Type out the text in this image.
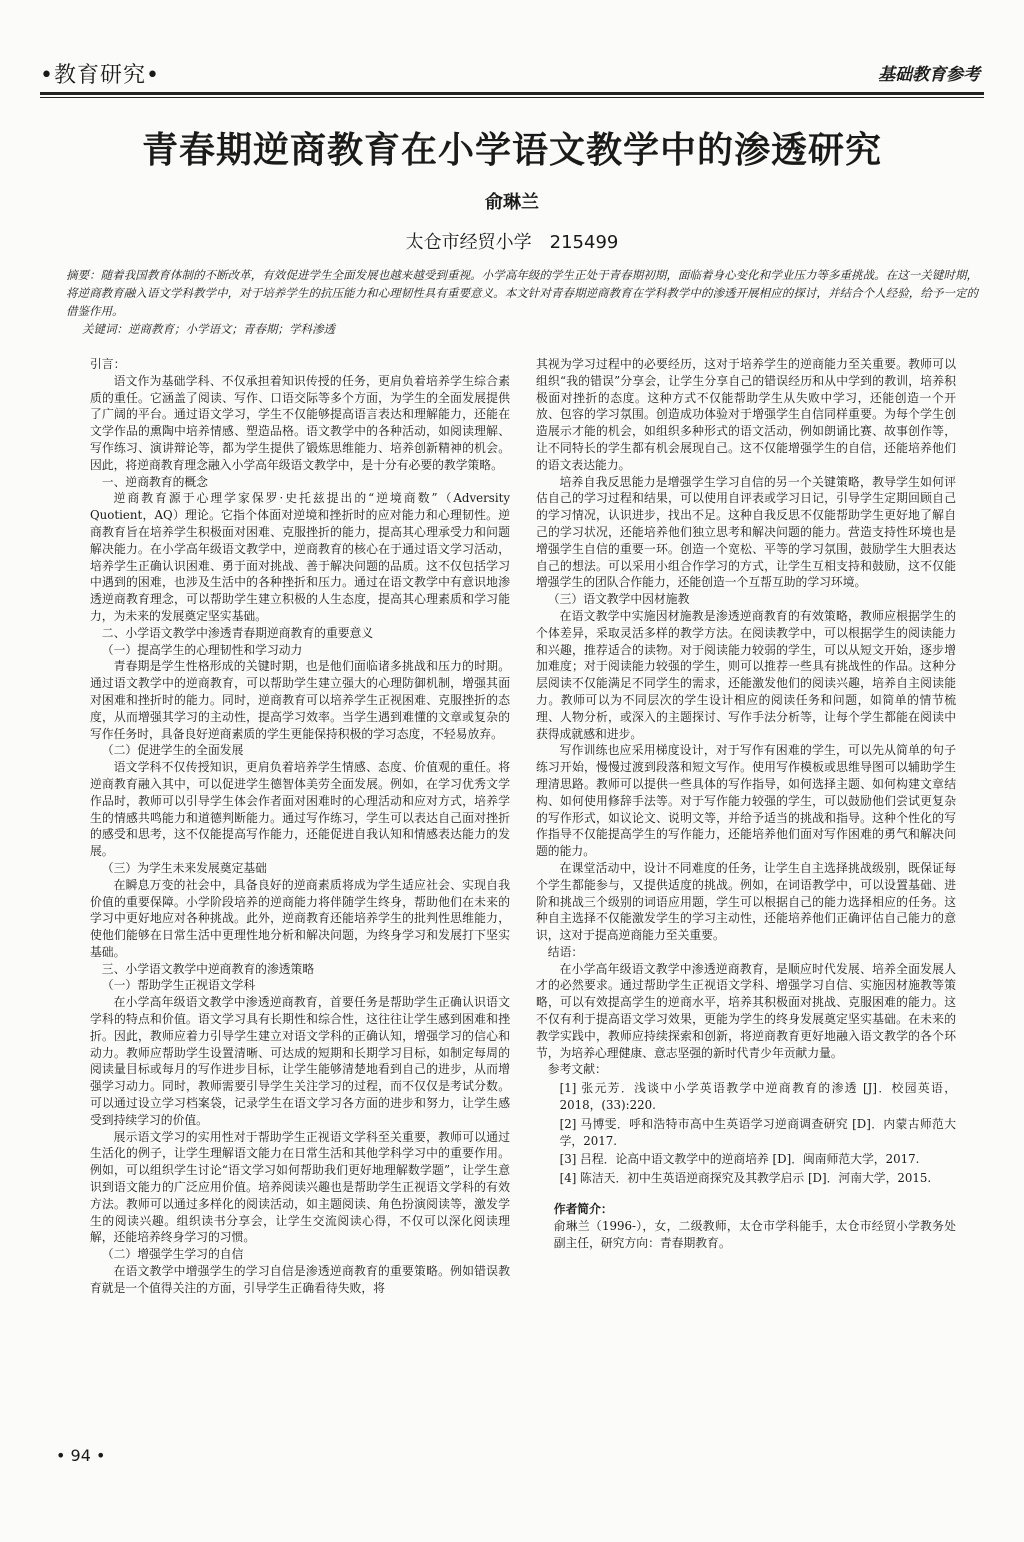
•教育研究•	基础教育参考
青春期逆商教育在小学语文教学中的渗透研究
俞琳兰
太仓市经贸小学　215499
摘要：随着我国教育体制的不断改革，有效促进学生全面发展也越来越受到重视。小学高年级的学生正处于青春期初期，面临着身心变化和学业压力等多重挑战。在这一关键时期，将逆商教育融入语文学科教学中，对于培养学生的抗压能力和心理韧性具有重要意义。本文针对青春期逆商教育在学科教学中的渗透开展相应的探讨，并结合个人经验，给予一定的借鉴作用。
关键词：逆商教育；小学语文；青春期；学科渗透

引言：

语文作为基础学科、不仅承担着知识传授的任务，更肩负着培养学生综合素质的重任。它涵盖了阅读、写作、口语交际等多个方面，为学生的全面发展提供了广阔的平台。通过语文学习，学生不仅能够提高语言表达和理解能力，还能在文学作品的熏陶中培养情感、塑造品格。语文教学中的各种活动，如阅读理解、写作练习、演讲辩论等，都为学生提供了锻炼思维能力、培养创新精神的机会。因此，将逆商教育理念融入小学高年级语文教学中，是十分有必要的教学策略。

一、逆商教育的概念

逆商教育源于心理学家保罗·史托兹提出的“逆境商数”（Adversity Quotient，AQ）理论。它指个体面对逆境和挫折时的应对能力和心理韧性。逆商教育旨在培养学生积极面对困难、克服挫折的能力，提高其心理承受力和问题解决能力。在小学高年级语文教学中，逆商教育的核心在于通过语文学习活动，培养学生正确认识困难、勇于面对挑战、善于解决问题的品质。这不仅包括学习中遇到的困难，也涉及生活中的各种挫折和压力。通过在语文教学中有意识地渗透逆商教育理念，可以帮助学生建立积极的人生态度，提高其心理素质和学习能力，为未来的发展奠定坚实基础。

二、小学语文教学中渗透青春期逆商教育的重要意义

（一）提高学生的心理韧性和学习动力

青春期是学生性格形成的关键时期，也是他们面临诸多挑战和压力的时期。通过语文教学中的逆商教育，可以帮助学生建立强大的心理防御机制，增强其面对困难和挫折时的能力。同时，逆商教育可以培养学生正视困难、克服挫折的态度，从而增强其学习的主动性，提高学习效率。当学生遇到难懂的文章或复杂的写作任务时，具备良好逆商素质的学生更能保持积极的学习态度，不轻易放弃。

（二）促进学生的全面发展

语文学科不仅传授知识，更肩负着培养学生情感、态度、价值观的重任。将逆商教育融入其中，可以促进学生德智体美劳全面发展。例如，在学习优秀文学作品时，教师可以引导学生体会作者面对困难时的心理活动和应对方式，培养学生的情感共鸣能力和道德判断能力。通过写作练习，学生可以表达自己面对挫折的感受和思考，这不仅能提高写作能力，还能促进自我认知和情感表达能力的发展。

（三）为学生未来发展奠定基础

在瞬息万变的社会中，具备良好的逆商素质将成为学生适应社会、实现自我价值的重要保障。小学阶段培养的逆商能力将伴随学生终身，帮助他们在未来的学习中更好地应对各种挑战。此外，逆商教育还能培养学生的批判性思维能力，使他们能够在日常生活中更理性地分析和解决问题，为终身学习和发展打下坚实基础。

三、小学语文教学中逆商教育的渗透策略

（一）帮助学生正视语文学科

在小学高年级语文教学中渗透逆商教育，首要任务是帮助学生正确认识语文学科的特点和价值。语文学习具有长期性和综合性，这往往让学生感到困难和挫折。因此，教师应着力引导学生建立对语文学科的正确认知，增强学习的信心和动力。教师应帮助学生设置清晰、可达成的短期和长期学习目标，如制定每周的阅读量目标或每月的写作进步目标，让学生能够清楚地看到自己的进步，从而增强学习动力。同时，教师需要引导学生关注学习的过程，而不仅仅是考试分数。可以通过设立学习档案袋，记录学生在语文学习各方面的进步和努力，让学生感受到持续学习的价值。

展示语文学习的实用性对于帮助学生正视语文学科至关重要，教师可以通过生活化的例子，让学生理解语文能力在日常生活和其他学科学习中的重要作用。例如，可以组织学生讨论“语文学习如何帮助我们更好地理解数学题”，让学生意识到语文能力的广泛应用价值。培养阅读兴趣也是帮助学生正视语文学科的有效方法。教师可以通过多样化的阅读活动，如主题阅读、角色扮演阅读等，激发学生的阅读兴趣。组织读书分享会，让学生交流阅读心得，不仅可以深化阅读理解，还能培养终身学习的习惯。

（二）增强学生学习的自信

在语文教学中增强学生的学习自信是渗透逆商教育的重要策略。例如错误教育就是一个值得关注的方面，引导学生正确看待失败，将

其视为学习过程中的必要经历，这对于培养学生的逆商能力至关重要。教师可以组织“我的错误”分享会，让学生分享自己的错误经历和从中学到的教训，培养积极面对挫折的态度。这种方式不仅能帮助学生从失败中学习，还能创造一个开放、包容的学习氛围。创造成功体验对于增强学生自信同样重要。为每个学生创造展示才能的机会，如组织多种形式的语文活动，例如朗诵比赛、故事创作等，让不同特长的学生都有机会展现自己。这不仅能增强学生的自信，还能培养他们的语文表达能力。

培养自我反思能力是增强学生学习自信的另一个关键策略，教导学生如何评估自己的学习过程和结果，可以使用自评表或学习日记，引导学生定期回顾自己的学习情况，认识进步，找出不足。这种自我反思不仅能帮助学生更好地了解自己的学习状况，还能培养他们独立思考和解决问题的能力。营造支持性环境也是增强学生自信的重要一环。创造一个宽松、平等的学习氛围，鼓励学生大胆表达自己的想法。可以采用小组合作学习的方式，让学生互相支持和鼓励，这不仅能增强学生的团队合作能力，还能创造一个互帮互助的学习环境。

（三）语文教学中因材施教

在语文教学中实施因材施教是渗透逆商教育的有效策略，教师应根据学生的个体差异，采取灵活多样的教学方法。在阅读教学中，可以根据学生的阅读能力和兴趣，推荐适合的读物。对于阅读能力较弱的学生，可以从短文开始，逐步增加难度；对于阅读能力较强的学生，则可以推荐一些具有挑战性的作品。这种分层阅读不仅能满足不同学生的需求，还能激发他们的阅读兴趣，培养自主阅读能力。教师可以为不同层次的学生设计相应的阅读任务和问题，如简单的情节梳理、人物分析，或深入的主题探讨、写作手法分析等，让每个学生都能在阅读中获得成就感和进步。

写作训练也应采用梯度设计，对于写作有困难的学生，可以先从简单的句子练习开始，慢慢过渡到段落和短文写作。使用写作模板或思维导图可以辅助学生理清思路。教师可以提供一些具体的写作指导，如何选择主题、如何构建文章结构、如何使用修辞手法等。对于写作能力较强的学生，可以鼓励他们尝试更复杂的写作形式，如议论文、说明文等，并给予适当的挑战和指导。这种个性化的写作指导不仅能提高学生的写作能力，还能培养他们面对写作困难的勇气和解决问题的能力。

在课堂活动中，设计不同难度的任务，让学生自主选择挑战级别，既保证每个学生都能参与，又提供适度的挑战。例如，在词语教学中，可以设置基础、进阶和挑战三个级别的词语应用题，学生可以根据自己的能力选择相应的任务。这种自主选择不仅能激发学生的学习主动性，还能培养他们正确评估自己能力的意识，这对于提高逆商能力至关重要。

结语：

在小学高年级语文教学中渗透逆商教育，是顺应时代发展、培养全面发展人才的必然要求。通过帮助学生正视语文学科、增强学习自信、实施因材施教等策略，可以有效提高学生的逆商水平，培养其积极面对挑战、克服困难的能力。这不仅有利于提高语文学习效果，更能为学生的终身发展奠定坚实基础。在未来的教学实践中，教师应持续探索和创新，将逆商教育更好地融入语文教学的各个环节，为培养心理健康、意志坚强的新时代青少年贡献力量。

参考文献：

[1] 张元芳．浅谈中小学英语教学中逆商教育的渗透 [J]．校园英语，2018，(33):220.

[2] 马博雯．呼和浩特市高中生英语学习逆商调查研究 [D]．内蒙古师范大学，2017.

[3] 吕程．论高中语文教学中的逆商培养 [D]．闽南师范大学，2017.

[4] 陈洁天．初中生英语逆商探究及其教学启示 [D]．河南大学，2015.

作者简介：

俞琳兰（1996-），女，二级教师，太仓市学科能手，太仓市经贸小学教务处副主任，研究方向：青春期教育。

• 94 •
